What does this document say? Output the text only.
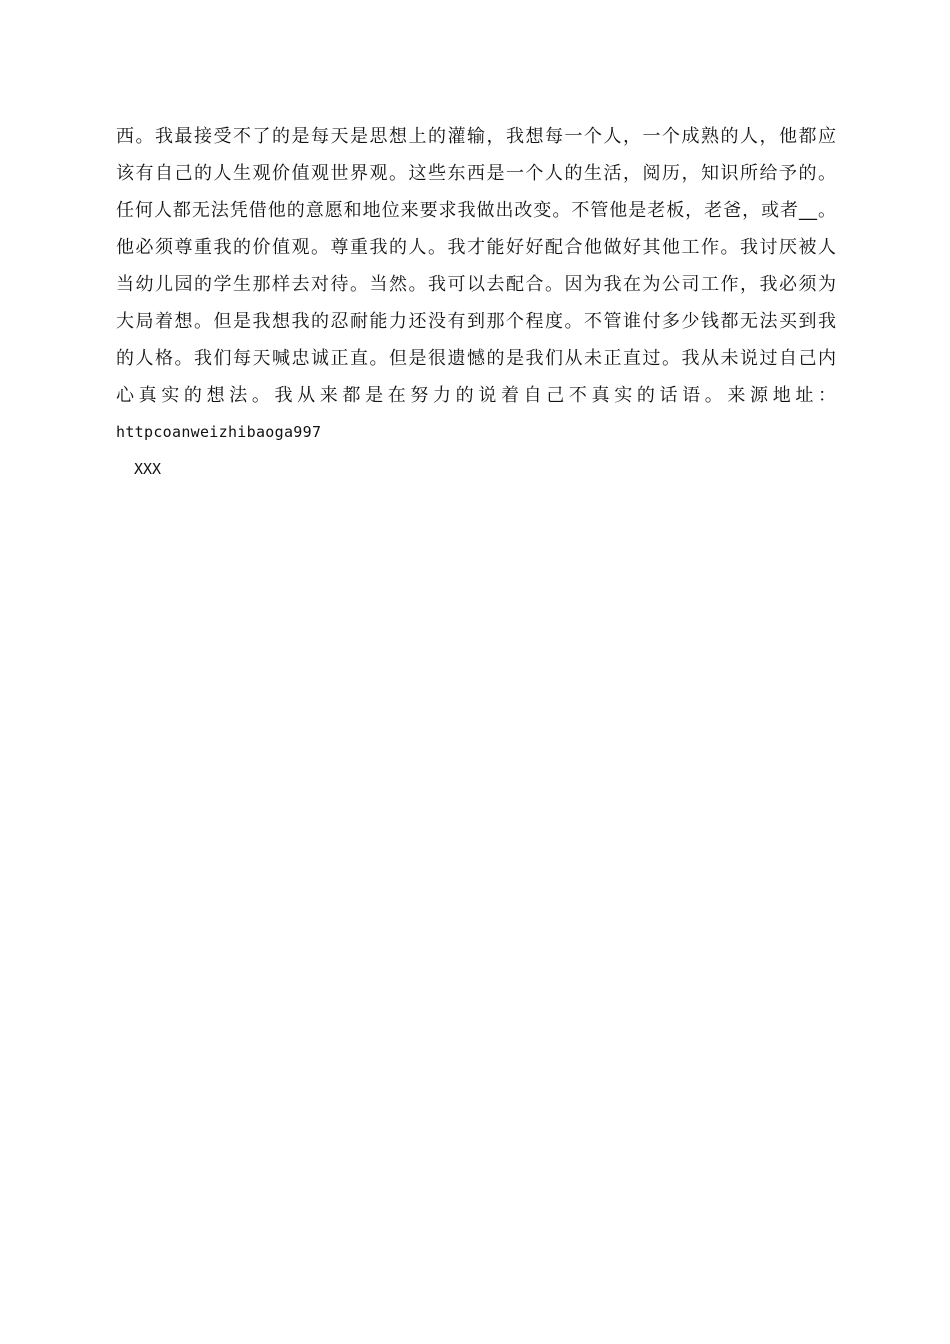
西。我最接受不了的是每天是思想上的灌输，我想每一个人，一个成熟的人，他都应
该有自己的人生观价值观世界观。这些东西是一个人的生活，阅历，知识所给予的。
任何人都无法凭借他的意愿和地位来要求我做出改变。不管他是老板，老爸，或者__。
他必须尊重我的价值观。尊重我的人。我才能好好配合他做好其他工作。我讨厌被人
当幼儿园的学生那样去对待。当然。我可以去配合。因为我在为公司工作，我必须为
大局着想。但是我想我的忍耐能力还没有到那个程度。不管谁付多少钱都无法买到我
的人格。我们每天喊忠诚正直。但是很遗憾的是我们从未正直过。我从未说过自己内
心真实的想法。我从来都是在努力的说着自己不真实的话语。来源地址：
httpcoanweizhibaoga997
XXX
